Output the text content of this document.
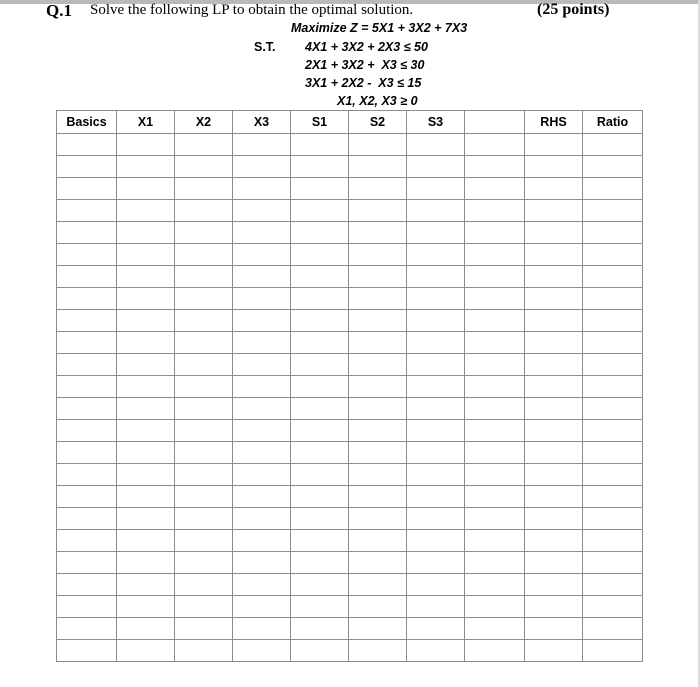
Q.1 Solve the following LP to obtain the optimal solution.	(25 points)
Maximize Z = 5X1 + 3X2 + 7X3
S.T. 4X1 + 3X2 + 2X3 ≤ 50
2X1 + 3X2 +  X3 ≤ 30
3X1 + 2X2 -  X3 ≤ 15
X1, X2, X3 ≥ 0
Basics	X1	X2	X3	S1	S2	S3		RHS	Ratio
